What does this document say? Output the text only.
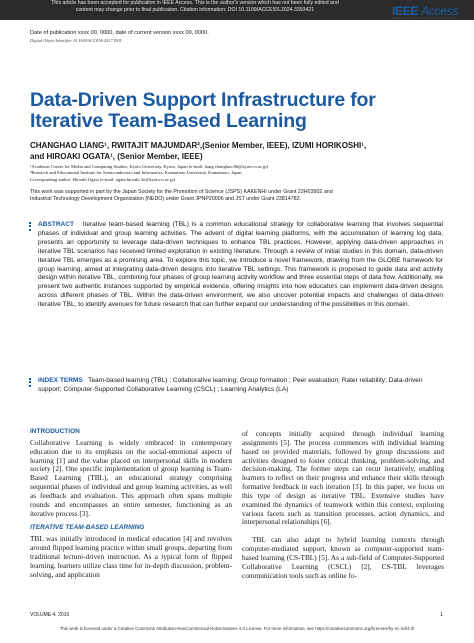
This article has been accepted for publication in IEEE Access. This is the author's version which has not been fully edited and
content may change prior to final publication. Citation information: DOI 10.1109/ACCESS.2024.3393421	IEEE Access
Multidisciplinary | Rapid Review | Open Access Journal
Date of publication xxxx 00, 0000, date of current version xxxx 00, 0000.
Digital Object Identifier 10.1109/ACCESS.2017.DOI
Data-Driven Support Infrastructure for
Iterative Team-Based Learning
CHANGHAO LIANG¹, RWITAJIT MAJUMDAR²,(Senior Member, IEEE), IZUMI HORIKOSHI¹,
and HIROAKI OGATA¹, (Senior Member, IEEE)
¹Academic Center for Media and Computing Studies, Kyoto University, Kyoto, Japan (e-mail: liang.changhao.8h@kyoto-u.ac.jp)
²Research and Educational Institute for Semiconductors and Informatics, Kumamoto University, Kumamoto, Japan
Corresponding author: Hiroaki Ogata (e-mail: ogata.hiroaki.3e@kyoto-u.ac.jp).
This work was supported in part by the Japan Society for the Promotion of Science (JSPS) KAKENHI under Grant 22H03902 and
Industrial Technology Development Organization (NEDO) under Grant JPNP20006 and JST under Grant 23814782.
ABSTRACT Iterative team-based learning (TBL) is a common educational strategy for collaborative learning that involves sequential phases of individual and group learning activities. The advent of digital learning platforms, with the accumulation of learning log data, presents an opportunity to leverage data-driven techniques to enhance TBL practices. However, applying data-driven approaches in iterative TBL scenarios has received limited exploration in existing literature. Through a review of initial studies in this domain, data-driven iterative TBL emerges as a promising area. To explore this topic, we introduce a novel framework, drawing from the GLOBE framework for group learning, aimed at integrating data-driven designs into iterative TBL settings. This framework is proposed to guide data and activity design within iterative TBL, combining four phases of group learning activity workflow and three essential steps of data flow. Additionally, we present two authentic instances supported by empirical evidence, offering insights into how educators can implement data-driven designs across different phases of TBL. Within the data-driven environment, we also uncover potential impacts and challenges of data-driven iterative TBL, to identify avenues for future research that can further expand our understanding of the possibilities in this domain.
INDEX TERMS Team-based learning (TBL) ; Collaborative learning; Group formation ; Peer evaluation; Rater reliability; Data-driven support; Computer-Supported Collaborative Learning (CSCL) ; Learning Analytics (LA)
INTRODUCTION

Collaborative Learning is widely embraced in contemporary education due to its emphasis on the social-emotional aspects of learning [1] and the value placed on interpersonal skills in modern society [2]. One specific implementation of group learning is Team-Based Learning (TBL), an educational strategy comprising sequential phases of individual and group learning activities, as well as feedback and evaluation. This approach often spans multiple rounds and encompasses an entire semester, functioning as an iterative process [3].

ITERATIVE TEAM-BASED LEARNING

TBL was initially introduced in medical education [4] and revolves around flipped learning practice within small groups, departing from traditional lecture-driven instruction. As a typical form of flipped learning, learners utilize class time for in-depth discussion, problem-solving, and application

of concepts initially acquired through individual learning assignments [5]. The process commences with individual learning based on provided materials, followed by group discussions and activities designed to foster critical thinking, problem-solving, and decision-making. The former steps can recur iteratively, enabling learners to reflect on their progress and enhance their skills through formative feedback in each iteration [3]. In this paper, we focus on this type of design as iterative TBL. Extensive studies have examined the dynamics of teamwork within this context, exploring various facets such as transition processes, action dynamics, and interpersonal relationships [6].

TBL can also adapt to hybrid learning contexts through computer-mediated support, known as computer-supported team-based learning (CS-TBL) [5]. As a sub-field of Computer-Supported Collaborative Learning (CSCL) [2], CS-TBL leverages communication tools such as online fo-

VOLUME 4, 2016	1
This work is licensed under a Creative Commons Attribution-NonCommercial-NoDerivatives 4.0 License. For more information, see https://creativecommons.org/licenses/by-nc-nd/4.0/
